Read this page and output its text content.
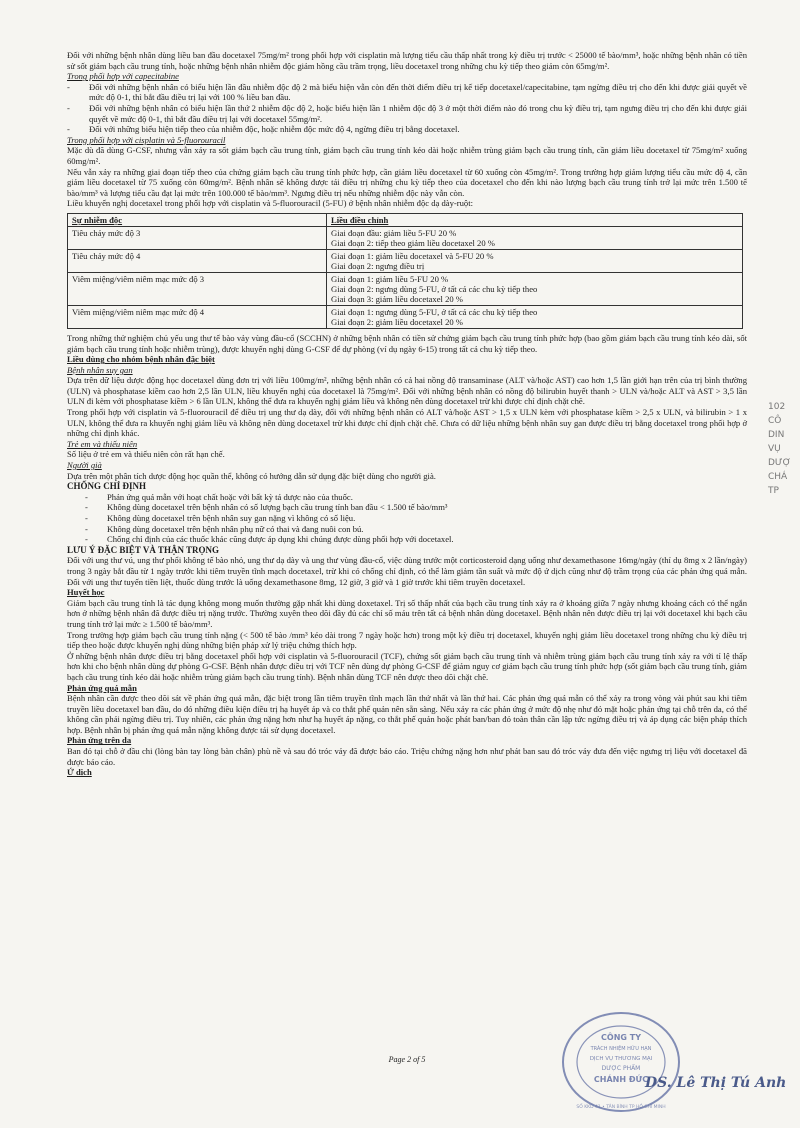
Đối với những bệnh nhân dùng liều ban đầu docetaxel 75mg/m² trong phối hợp với cisplatin mà lượng tiểu cầu thấp nhất trong kỳ điều trị trước < 25000 tế bào/mm³, hoặc những bệnh nhân có tiền sử sốt giảm bạch cầu trung tính, hoặc những bệnh nhân nhiễm độc giảm hồng cầu trầm trọng, liều docetaxel trong những chu kỳ tiếp theo giảm còn 65mg/m².

Trong phối hợp với capecitabine

-	Đối với những bệnh nhân có biểu hiện lần đầu nhiễm độc độ 2 mà biểu hiện vẫn còn đến thời điểm điều trị kế tiếp docetaxel/capecitabine, tạm ngừng điều trị cho đến khi được giải quyết về mức độ 0-1, thì bắt đầu điều trị lại với 100 % liều ban đầu.
-	Đối với những bệnh nhân có biểu hiện lần thứ 2 nhiễm độc độ 2, hoặc biểu hiện lần 1 nhiễm độc độ 3 ở một thời điểm nào đó trong chu kỳ điều trị, tạm ngưng điều trị cho đến khi được giải quyết về mức độ 0-1, thì bắt đầu điều trị lại với docetaxel 55mg/m².
-	Đối với những biểu hiện tiếp theo của nhiễm độc, hoặc nhiễm độc mức độ 4, ngừng điều trị bằng docetaxel.

Trong phối hợp với cisplatin và 5-fluorouracil

Mặc dù đã dùng G-CSF, nhưng vẫn xảy ra sốt giảm bạch cầu trung tính, giảm bạch cầu trung tính kéo dài hoặc nhiễm trùng giảm bạch cầu trung tính, cần giảm liều docetaxel từ 75mg/m² xuống 60mg/m².

Nếu vẫn xảy ra những giai đoạn tiếp theo của chứng giảm bạch cầu trung tính phức hợp, cần giảm liều docetaxel từ 60 xuống còn 45mg/m². Trong trường hợp giảm lượng tiểu cầu mức độ 4, cần giảm liều docetaxel từ 75 xuống còn 60mg/m². Bệnh nhân sẽ không được tái điều trị những chu kỳ tiếp theo của docetaxel cho đến khi nào lượng bạch cầu trung tính trở lại mức trên 1.500 tế bào/mm³ và lượng tiểu cầu đạt lại mức trên 100.000 tế bào/mm³. Ngưng điều trị nếu những nhiễm độc này vẫn còn.

Liều khuyến nghị docetaxel trong phối hợp với cisplatin và 5-fluorouracil (5-FU) ở bệnh nhân nhiễm độc dạ dày-ruột:

Sự nhiễm độc	Liều điều chỉnh
Tiêu chảy mức độ 3	Giai đoạn đầu: giảm liều 5-FU 20 %
Giai đoạn 2: tiếp theo giảm liều docetaxel 20 %

Tiêu chảy mức độ 4	Giai đoạn 1: giảm liều docetaxel và 5-FU 20 %
Giai đoạn 2: ngưng điều trị

Viêm miệng/viêm niêm mạc mức độ 3	Giai đoạn 1: giảm liều 5-FU 20 %
Giai đoạn 2: ngưng dùng 5-FU, ở tất cả các chu kỳ tiếp theo
Giai đoạn 3: giảm liều docetaxel 20 %

Viêm miệng/viêm niêm mạc mức độ 4	Giai đoạn 1: ngưng dùng 5-FU, ở tất cả các chu kỳ tiếp theo
Giai đoạn 2: giảm liều docetaxel 20 %

Trong những thử nghiệm chủ yếu ung thư tế bào vảy vùng đầu-cổ (SCCHN) ở những bệnh nhân có tiền sử chứng giảm bạch cầu trung tính phức hợp (bao gồm giảm bạch cầu trung tính kéo dài, sốt giảm bạch cầu trung tính hoặc nhiễm trùng), được khuyến nghị dùng G-CSF để dự phòng (ví dụ ngày 6-15) trong tất cả chu kỳ tiếp theo.

Liều dùng cho nhóm bệnh nhân đặc biệt

Bệnh nhân suy gan

Dựa trên dữ liệu dược động học docetaxel dùng đơn trị với liều 100mg/m², những bệnh nhân có cả hai nồng độ transaminase (ALT và/hoặc AST) cao hơn 1,5 lần giới hạn trên của trị bình thường (ULN) và phosphatase kiềm cao hơn 2,5 lần ULN, liều khuyến nghị của docetaxel là 75mg/m². Đối với những bệnh nhân có nồng độ bilirubin huyết thanh > ULN và/hoặc ALT và AST > 3,5 lần ULN đi kèm với phosphatase kiềm > 6 lần ULN, không thể đưa ra khuyến nghị giảm liều và không nên dùng docetaxel trừ khi được chỉ định chặt chẽ.

Trong phối hợp với cisplatin và 5-fluorouracil để điều trị ung thư dạ dày, đối với những bệnh nhân có ALT và/hoặc AST > 1,5 x ULN kèm với phosphatase kiềm > 2,5 x ULN, và bilirubin > 1 x ULN, không thể đưa ra khuyến nghị giảm liều và không nên dùng docetaxel trừ khi được chỉ định chặt chẽ. Chưa có dữ liệu những bệnh nhân suy gan được điều trị bằng docetaxel trong phối hợp ở những chỉ định khác.

Trẻ em và thiếu niên

Số liệu ở trẻ em và thiếu niên còn rất hạn chế.

Người già

Dựa trên một phân tích dược động học quần thể, không có hướng dẫn sử dụng đặc biệt dùng cho người già.

CHỐNG CHỈ ĐỊNH

-	Phản ứng quá mẫn với hoạt chất hoặc với bất kỳ tá dược nào của thuốc.
-	Không dùng docetaxel trên bệnh nhân có số lượng bạch cầu trung tính ban đầu < 1.500 tế bào/mm³
-	Không dùng docetaxel trên bệnh nhân suy gan nặng vì không có số liệu.
-	Không dùng docetaxel trên bệnh nhân phụ nữ có thai và đang nuôi con bú.
-	Chống chỉ định của các thuốc khác cũng được áp dụng khi chúng được dùng phối hợp với docetaxel.

LƯU Ý ĐẶC BIỆT VÀ THẬN TRỌNG

Đối với ung thư vú, ung thư phổi không tế bào nhỏ, ung thư dạ dày và ung thư vùng đầu-cổ, việc dùng trước một corticosteroid dạng uống như dexamethasone 16mg/ngày (thí dụ 8mg x 2 lần/ngày) trong 3 ngày bắt đầu từ 1 ngày trước khi tiêm truyền tĩnh mạch docetaxel, trừ khi có chống chỉ định, có thể làm giảm tần suất và mức độ ứ dịch cũng như độ trầm trọng của các phản ứng quá mẫn. Đối với ung thư tuyến tiền liệt, thuốc dùng trước là uống dexamethasone 8mg, 12 giờ, 3 giờ và 1 giờ trước khi tiêm truyền docetaxel.

Huyết học

Giảm bạch cầu trung tính là tác dụng không mong muốn thường gặp nhất khi dùng doxetaxel. Trị số thấp nhất của bạch cầu trung tính xảy ra ở khoảng giữa 7 ngày nhưng khoảng cách có thể ngắn hơn ở những bệnh nhân đã được điều trị nặng trước. Thường xuyên theo dõi đầy đủ các chỉ số máu trên tất cả bệnh nhân dùng docetaxel. Bệnh nhân nên được điều trị lại với docetaxel khi bạch cầu trung tính trở lại mức ≥ 1.500 tế bào/mm³.

Trong trường hợp giảm bạch cầu trung tính nặng (< 500 tế bào /mm³ kéo dài trong 7 ngày hoặc hơn) trong một kỳ điều trị docetaxel, khuyến nghị giảm liều docetaxel trong những chu kỳ điều trị tiếp theo hoặc được khuyến nghị dùng những biện pháp xử lý triệu chứng thích hợp.

Ở những bệnh nhân được điều trị bằng docetaxel phối hợp với cisplatin và 5-fluorouracil (TCF), chứng sốt giảm bạch cầu trung tính và nhiễm trùng giảm bạch cầu trung tính xảy ra với tỉ lệ thấp hơn khi cho bệnh nhân dùng dự phòng G-CSF. Bệnh nhân được điều trị với TCF nên dùng dự phòng G-CSF để giảm nguy cơ giảm bạch cầu trung tính phức hợp (sốt giảm bạch cầu trung tính, giảm bạch cầu trung tính kéo dài hoặc nhiễm trùng giảm bạch cầu trung tính). Bệnh nhân dùng TCF nên được theo dõi chặt chẽ.

Phản ứng quá mẫn

Bệnh nhân cần được theo dõi sát về phản ứng quá mẫn, đặc biệt trong lần tiêm truyền tĩnh mạch lần thứ nhất và lần thứ hai. Các phản ứng quá mẫn có thể xảy ra trong vòng vài phút sau khi tiêm truyền liều docetaxel ban đầu, do đó những điều kiện điều trị hạ huyết áp và co thắt phế quản nên sẵn sàng. Nếu xảy ra các phản ứng ở mức độ nhẹ như đỏ mặt hoặc phản ứng tại chỗ trên da, có thể không cần phải ngừng điều trị. Tuy nhiên, các phản ứng nặng hơn như hạ huyết áp nặng, co thắt phế quản hoặc phát ban/ban đỏ toàn thân cần lập tức ngừng điều trị và áp dụng các biện pháp thích hợp. Bệnh nhân bị phản ứng quá mẫn nặng không được tái sử dụng docetaxel.

Phản ứng trên da

Ban đỏ tại chỗ ở đầu chi (lòng bàn tay lòng bàn chân) phù nề và sau đó tróc vảy đã được báo cáo. Triệu chứng nặng hơn như phát ban sau đó tróc vảy đưa đến việc ngưng trị liệu với docetaxel đã được báo cáo.

Ứ dịch

Page 2 of 5
CÔNG TY
TRÁCH NHIỆM HỮU HẠN
DỊCH VỤ THƯƠNG MẠI
DƯỢC PHẨM
CHÁNH ĐỨC
SỐ KKD 41 • TÂN BÌNH TP HỒ CHÍ MINH
DS. Lê Thị Tú Anh
102
CÔ
DIN
VỤ
DƯỢ
CHÁ
TP
